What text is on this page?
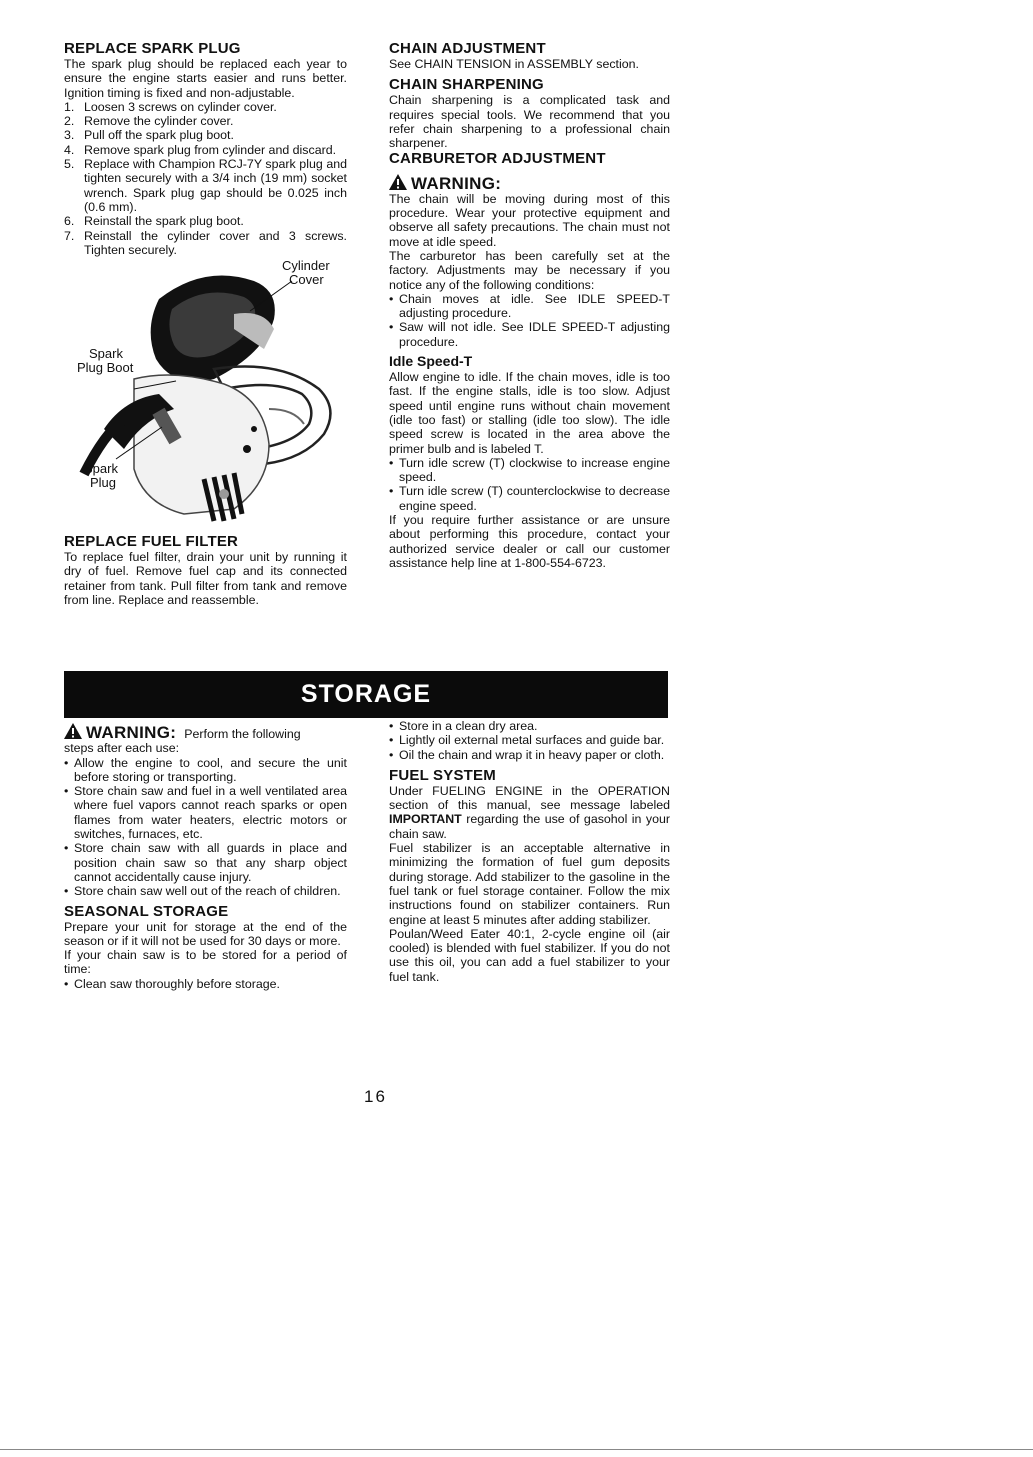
REPLACE SPARK PLUG

The spark plug should be replaced each year to ensure the engine starts easier and runs better. Ignition timing is fixed and non-adjustable.

1. Loosen 3 screws on cylinder cover.
2. Remove the cylinder cover.
3. Pull off the spark plug boot.
4. Remove spark plug from cylinder and discard.
5. Replace with Champion RCJ-7Y spark plug and tighten securely with a 3/4 inch (19 mm) socket wrench. Spark plug gap should be 0.025 inch (0.6 mm).
6. Reinstall the spark plug boot.
7. Reinstall the cylinder cover and 3 screws. Tighten securely.
Cylinder
Cover
Spark
Plug Boot
Spark
Plug
REPLACE FUEL FILTER

To replace fuel filter, drain your unit by running it dry of fuel. Remove fuel cap and its connected retainer from tank. Pull filter from tank and remove from line. Replace and reassemble.

CHAIN ADJUSTMENT

See CHAIN TENSION in ASSEMBLY section.

CHAIN SHARPENING

Chain sharpening is a complicated task and requires special tools. We recommend that you refer chain sharpening to a professional chain sharpener.

CARBURETOR ADJUSTMENT
WARNING:

The chain will be moving during most of this procedure. Wear your protective equipment and observe all safety precautions. The chain must not move at idle speed.

The carburetor has been carefully set at the factory. Adjustments may be necessary if you notice any of the following conditions:

• Chain moves at idle. See IDLE SPEED-T adjusting procedure.
• Saw will not idle. See IDLE SPEED-T adjusting procedure.
Idle Speed-T

Allow engine to idle. If the chain moves, idle is too fast. If the engine stalls, idle is too slow. Adjust speed until engine runs without chain movement (idle too fast) or stalling (idle too slow). The idle speed screw is located in the area above the primer bulb and is labeled T.

• Turn idle screw (T) clockwise to increase engine speed.
• Turn idle screw (T) counterclockwise to decrease engine speed.

If you require further assistance or are unsure about performing this procedure, contact your authorized service dealer or call our customer assistance help line at 1-800-554-6723.

STORAGE
WARNING: Perform the following

steps after each use:

• Allow the engine to cool, and secure the unit before storing or transporting.
• Store chain saw and fuel in a well ventilated area where fuel vapors cannot reach sparks or open flames from water heaters, electric motors or switches, furnaces, etc.
• Store chain saw with all guards in place and position chain saw so that any sharp object cannot accidentally cause injury.
• Store chain saw well out of the reach of children.
SEASONAL STORAGE

Prepare your unit for storage at the end of the season or if it will not be used for 30 days or more.

If your chain saw is to be stored for a period of time:

• Clean saw thoroughly before storage.
• Store in a clean dry area.
• Lightly oil external metal surfaces and guide bar.
• Oil the chain and wrap it in heavy paper or cloth.
FUEL SYSTEM

Under FUELING ENGINE in the OPERATION section of this manual, see message labeled IMPORTANT regarding the use of gasohol in your chain saw.

Fuel stabilizer is an acceptable alternative in minimizing the formation of fuel gum deposits during storage. Add stabilizer to the gasoline in the fuel tank or fuel storage container. Follow the mix instructions found on stabilizer containers. Run engine at least 5 minutes after adding stabilizer.

Poulan/Weed Eater 40:1, 2-cycle engine oil (air cooled) is blended with fuel stabilizer. If you do not use this oil, you can add a fuel stabilizer to your fuel tank.

16
